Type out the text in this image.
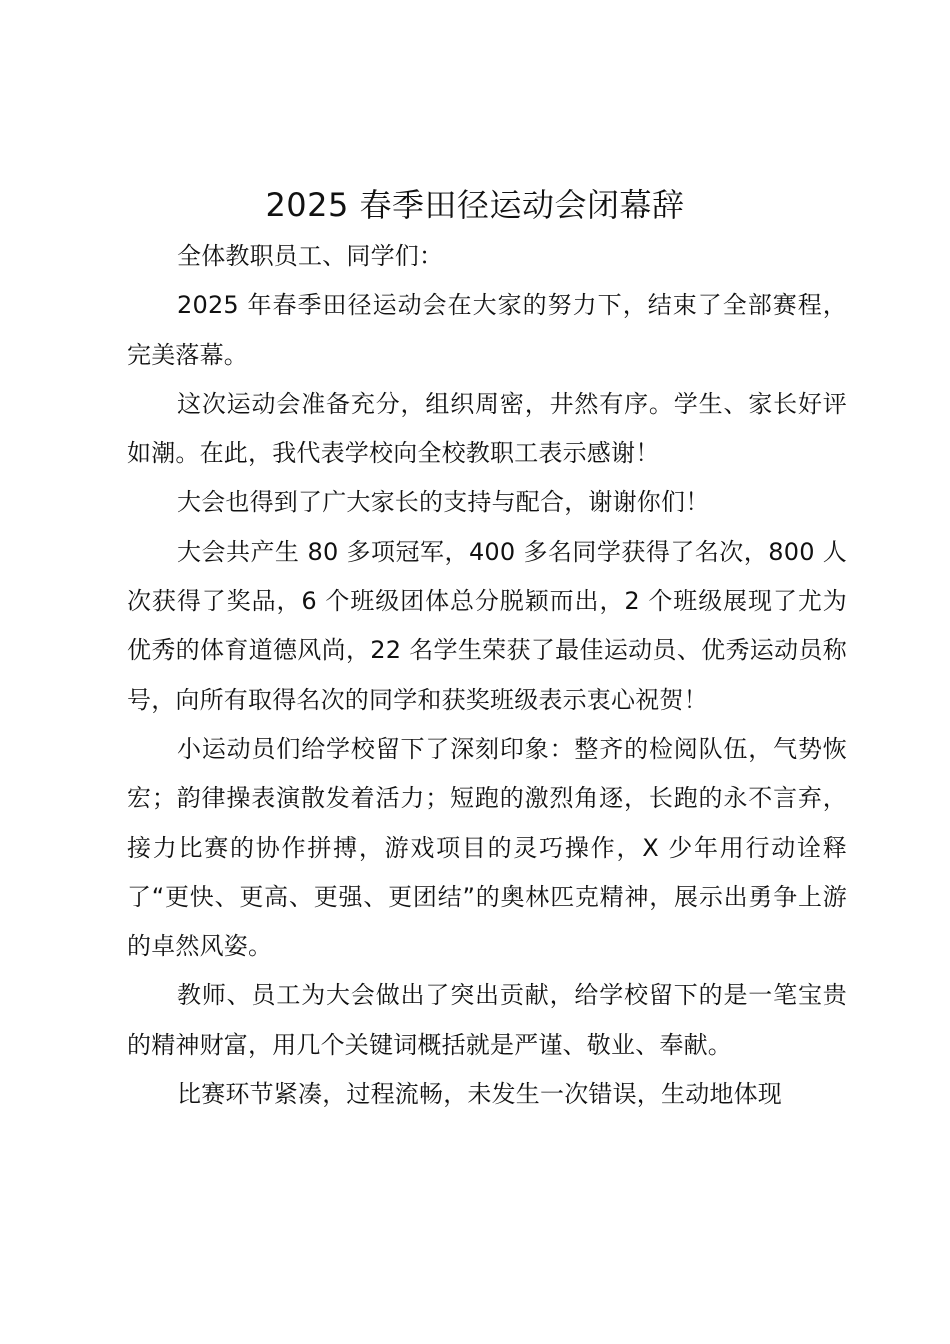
2025 春季田径运动会闭幕辞

全体教职员工、同学们：

2025 年春季田径运动会在大家的努力下，结束了全部赛程，完美落幕。

这次运动会准备充分，组织周密，井然有序。学生、家长好评如潮。在此，我代表学校向全校教职工表示感谢！

大会也得到了广大家长的支持与配合，谢谢你们！

大会共产生 80 多项冠军，400 多名同学获得了名次，800 人次获得了奖品，6 个班级团体总分脱颖而出，2 个班级展现了尤为优秀的体育道德风尚，22 名学生荣获了最佳运动员、优秀运动员称号，向所有取得名次的同学和获奖班级表示衷心祝贺！

小运动员们给学校留下了深刻印象：整齐的检阅队伍，气势恢宏；韵律操表演散发着活力；短跑的激烈角逐，长跑的永不言弃，接力比赛的协作拼搏，游戏项目的灵巧操作，X 少年用行动诠释了“更快、更高、更强、更团结”的奥林匹克精神，展示出勇争上游的卓然风姿。

教师、员工为大会做出了突出贡献，给学校留下的是一笔宝贵的精神财富，用几个关键词概括就是严谨、敬业、奉献。

比赛环节紧凑，过程流畅，未发生一次错误，生动地体现
